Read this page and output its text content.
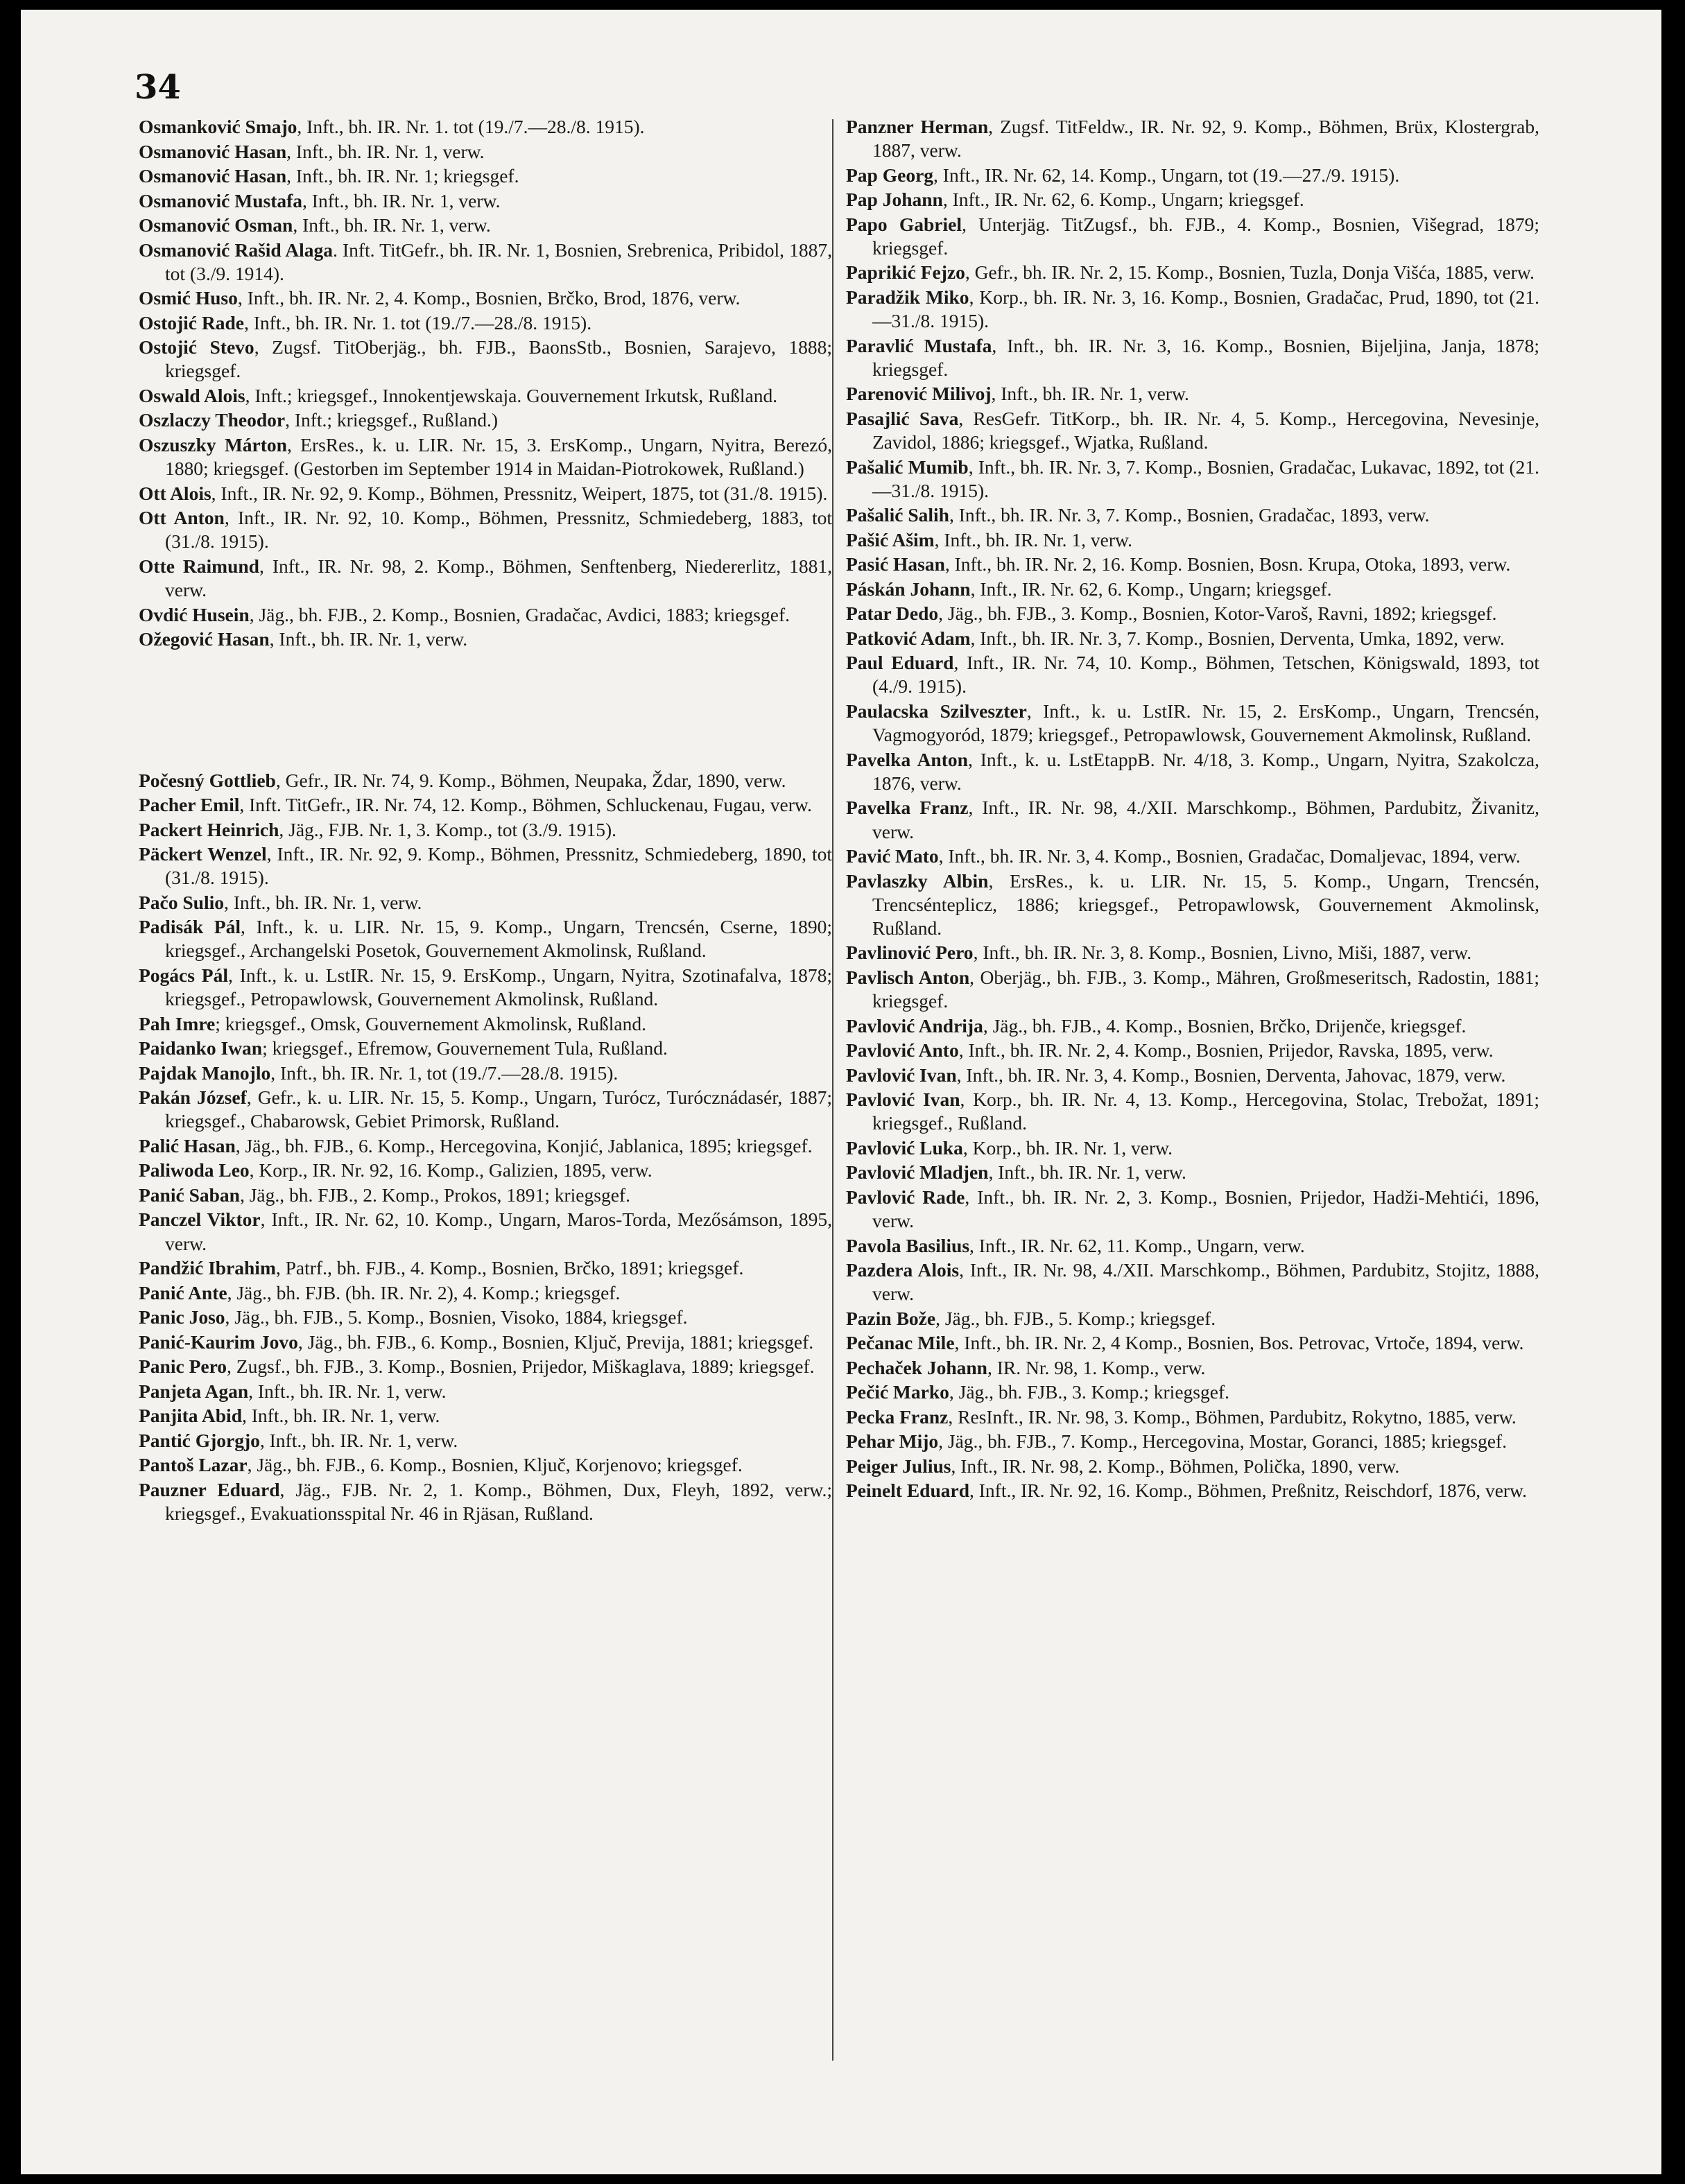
34
Osmanković Smajo, Inft., bh. IR. Nr. 1. tot (19./7.—28./8. 1915).
Osmanović Hasan, Inft., bh. IR. Nr. 1, verw.
Osmanović Hasan, Inft., bh. IR. Nr. 1; kriegsgef.
Osmanović Mustafa, Inft., bh. IR. Nr. 1, verw.
Osmanović Osman, Inft., bh. IR. Nr. 1, verw.
Osmanović Rašid Alaga. Inft. TitGefr., bh. IR. Nr. 1, Bosnien, Srebrenica, Pribidol, 1887, tot (3./9. 1914).
Osmić Huso, Inft., bh. IR. Nr. 2, 4. Komp., Bosnien, Brčko, Brod, 1876, verw.
Ostojić Rade, Inft., bh. IR. Nr. 1. tot (19./7.—28./8. 1915).
Ostojić Stevo, Zugsf. TitOberjäg., bh. FJB., BaonsStb., Bosnien, Sarajevo, 1888; kriegsgef.
Oswald Alois, Inft.; kriegsgef., Innokentjewskaja. Gouvernement Irkutsk, Rußland.
Oszlaczy Theodor, Inft.; kriegsgef., Rußland.)
Oszuszky Márton, ErsRes., k. u. LIR. Nr. 15, 3. ErsKomp., Ungarn, Nyitra, Berezó, 1880; kriegsgef. (Gestorben im September 1914 in Maidan-Piotrokowek, Rußland.)
Ott Alois, Inft., IR. Nr. 92, 9. Komp., Böhmen, Pressnitz, Weipert, 1875, tot (31./8. 1915).
Ott Anton, Inft., IR. Nr. 92, 10. Komp., Böhmen, Pressnitz, Schmiedeberg, 1883, tot (31./8. 1915).
Otte Raimund, Inft., IR. Nr. 98, 2. Komp., Böhmen, Senftenberg, Niedererlitz, 1881, verw.
Ovdić Husein, Jäg., bh. FJB., 2. Komp., Bosnien, Gradačac, Avdici, 1883; kriegsgef.
Ožegović Hasan, Inft., bh. IR. Nr. 1, verw.
Počesný Gottlieb, Gefr., IR. Nr. 74, 9. Komp., Böhmen, Neupaka, Ždar, 1890, verw.
Pacher Emil, Inft. TitGefr., IR. Nr. 74, 12. Komp., Böhmen, Schluckenau, Fugau, verw.
Packert Heinrich, Jäg., FJB. Nr. 1, 3. Komp., tot (3./9. 1915).
Päckert Wenzel, Inft., IR. Nr. 92, 9. Komp., Böhmen, Pressnitz, Schmiedeberg, 1890, tot (31./8. 1915).
Pačo Sulio, Inft., bh. IR. Nr. 1, verw.
Padisák Pál, Inft., k. u. LIR. Nr. 15, 9. Komp., Ungarn, Trencsén, Cserne, 1890; kriegsgef., Archangelski Posetok, Gouvernement Akmolinsk, Rußland.
Pogács Pál, Inft., k. u. LstIR. Nr. 15, 9. ErsKomp., Ungarn, Nyitra, Szotinafalva, 1878; kriegsgef., Petropawlowsk, Gouvernement Akmolinsk, Rußland.
Pah Imre; kriegsgef., Omsk, Gouvernement Akmolinsk, Rußland.
Paidanko Iwan; kriegsgef., Efremow, Gouvernement Tula, Rußland.
Pajdak Manojlo, Inft., bh. IR. Nr. 1, tot (19./7.—28./8. 1915).
Pakán József, Gefr., k. u. LIR. Nr. 15, 5. Komp., Ungarn, Turócz, Turócznádasér, 1887; kriegsgef., Chabarowsk, Gebiet Primorsk, Rußland.
Palić Hasan, Jäg., bh. FJB., 6. Komp., Hercegovina, Konjić, Jablanica, 1895; kriegsgef.
Paliwoda Leo, Korp., IR. Nr. 92, 16. Komp., Galizien, 1895, verw.
Panić Saban, Jäg., bh. FJB., 2. Komp., Prokos, 1891; kriegsgef.
Panczel Viktor, Inft., IR. Nr. 62, 10. Komp., Ungarn, Maros-Torda, Mezősámson, 1895, verw.
Pandžić Ibrahim, Patrf., bh. FJB., 4. Komp., Bosnien, Brčko, 1891; kriegsgef.
Panić Ante, Jäg., bh. FJB. (bh. IR. Nr. 2), 4. Komp.; kriegsgef.
Panic Joso, Jäg., bh. FJB., 5. Komp., Bosnien, Visoko, 1884, kriegsgef.
Panić-Kaurim Jovo, Jäg., bh. FJB., 6. Komp., Bosnien, Ključ, Previja, 1881; kriegsgef.
Panic Pero, Zugsf., bh. FJB., 3. Komp., Bosnien, Prijedor, Miškaglava, 1889; kriegsgef.
Panjeta Agan, Inft., bh. IR. Nr. 1, verw.
Panjita Abid, Inft., bh. IR. Nr. 1, verw.
Pantić Gjorgjo, Inft., bh. IR. Nr. 1, verw.
Pantoš Lazar, Jäg., bh. FJB., 6. Komp., Bosnien, Ključ, Korjenovo; kriegsgef.
Pauzner Eduard, Jäg., FJB. Nr. 2, 1. Komp., Böhmen, Dux, Fleyh, 1892, verw.; kriegsgef., Evakuationsspital Nr. 46 in Rjäsan, Rußland.
Panzner Herman, Zugsf. TitFeldw., IR. Nr. 92, 9. Komp., Böhmen, Brüx, Klostergrab, 1887, verw.
Pap Georg, Inft., IR. Nr. 62, 14. Komp., Ungarn, tot (19.—27./9. 1915).
Pap Johann, Inft., IR. Nr. 62, 6. Komp., Ungarn; kriegsgef.
Papo Gabriel, Unterjäg. TitZugsf., bh. FJB., 4. Komp., Bosnien, Višegrad, 1879; kriegsgef.
Paprikić Fejzo, Gefr., bh. IR. Nr. 2, 15. Komp., Bosnien, Tuzla, Donja Višća, 1885, verw.
Paradžik Miko, Korp., bh. IR. Nr. 3, 16. Komp., Bosnien, Gradačac, Prud, 1890, tot (21.—31./8. 1915).
Paravlić Mustafa, Inft., bh. IR. Nr. 3, 16. Komp., Bosnien, Bijeljina, Janja, 1878; kriegsgef.
Parenović Milivoj, Inft., bh. IR. Nr. 1, verw.
Pasajlić Sava, ResGefr. TitKorp., bh. IR. Nr. 4, 5. Komp., Hercegovina, Nevesinje, Zavidol, 1886; kriegsgef., Wjatka, Rußland.
Pašalić Mumib, Inft., bh. IR. Nr. 3, 7. Komp., Bosnien, Gradačac, Lukavac, 1892, tot (21.—31./8. 1915).
Pašalić Salih, Inft., bh. IR. Nr. 3, 7. Komp., Bosnien, Gradačac, 1893, verw.
Pašić Ašim, Inft., bh. IR. Nr. 1, verw.
Pasić Hasan, Inft., bh. IR. Nr. 2, 16. Komp. Bosnien, Bosn. Krupa, Otoka, 1893, verw.
Páskán Johann, Inft., IR. Nr. 62, 6. Komp., Ungarn; kriegsgef.
Patar Dedo, Jäg., bh. FJB., 3. Komp., Bosnien, Kotor-Varoš, Ravni, 1892; kriegsgef.
Patković Adam, Inft., bh. IR. Nr. 3, 7. Komp., Bosnien, Derventa, Umka, 1892, verw.
Paul Eduard, Inft., IR. Nr. 74, 10. Komp., Böhmen, Tetschen, Königswald, 1893, tot (4./9. 1915).
Paulacska Szilveszter, Inft., k. u. LstIR. Nr. 15, 2. ErsKomp., Ungarn, Trencsén, Vagmogyoród, 1879; kriegsgef., Petropawlowsk, Gouvernement Akmolinsk, Rußland.
Pavelka Anton, Inft., k. u. LstEtappB. Nr. 4/18, 3. Komp., Ungarn, Nyitra, Szakolcza, 1876, verw.
Pavelka Franz, Inft., IR. Nr. 98, 4./XII. Marschkomp., Böhmen, Pardubitz, Živanitz, verw.
Pavić Mato, Inft., bh. IR. Nr. 3, 4. Komp., Bosnien, Gradačac, Domaljevac, 1894, verw.
Pavlaszky Albin, ErsRes., k. u. LIR. Nr. 15, 5. Komp., Ungarn, Trencsén, Trencsénteplicz, 1886; kriegsgef., Petropawlowsk, Gouvernement Akmolinsk, Rußland.
Pavlinović Pero, Inft., bh. IR. Nr. 3, 8. Komp., Bosnien, Livno, Miši, 1887, verw.
Pavlisch Anton, Oberjäg., bh. FJB., 3. Komp., Mähren, Großmeseritsch, Radostin, 1881; kriegsgef.
Pavlović Andrija, Jäg., bh. FJB., 4. Komp., Bosnien, Brčko, Drijenče, kriegsgef.
Pavlović Anto, Inft., bh. IR. Nr. 2, 4. Komp., Bosnien, Prijedor, Ravska, 1895, verw.
Pavlović Ivan, Inft., bh. IR. Nr. 3, 4. Komp., Bosnien, Derventa, Jahovac, 1879, verw.
Pavlović Ivan, Korp., bh. IR. Nr. 4, 13. Komp., Hercegovina, Stolac, Trebožat, 1891; kriegsgef., Rußland.
Pavlović Luka, Korp., bh. IR. Nr. 1, verw.
Pavlović Mladjen, Inft., bh. IR. Nr. 1, verw.
Pavlović Rade, Inft., bh. IR. Nr. 2, 3. Komp., Bosnien, Prijedor, Hadži-Mehtići, 1896, verw.
Pavola Basilius, Inft., IR. Nr. 62, 11. Komp., Ungarn, verw.
Pazdera Alois, Inft., IR. Nr. 98, 4./XII. Marschkomp., Böhmen, Pardubitz, Stojitz, 1888, verw.
Pazin Bože, Jäg., bh. FJB., 5. Komp.; kriegsgef.
Pečanac Mile, Inft., bh. IR. Nr. 2, 4 Komp., Bosnien, Bos. Petrovac, Vrtoče, 1894, verw.
Pechaček Johann, IR. Nr. 98, 1. Komp., verw.
Pečić Marko, Jäg., bh. FJB., 3. Komp.; kriegsgef.
Pecka Franz, ResInft., IR. Nr. 98, 3. Komp., Böhmen, Pardubitz, Rokytno, 1885, verw.
Pehar Mijo, Jäg., bh. FJB., 7. Komp., Hercegovina, Mostar, Goranci, 1885; kriegsgef.
Peiger Julius, Inft., IR. Nr. 98, 2. Komp., Böhmen, Polička, 1890, verw.
Peinelt Eduard, Inft., IR. Nr. 92, 16. Komp., Böhmen, Preßnitz, Reischdorf, 1876, verw.
